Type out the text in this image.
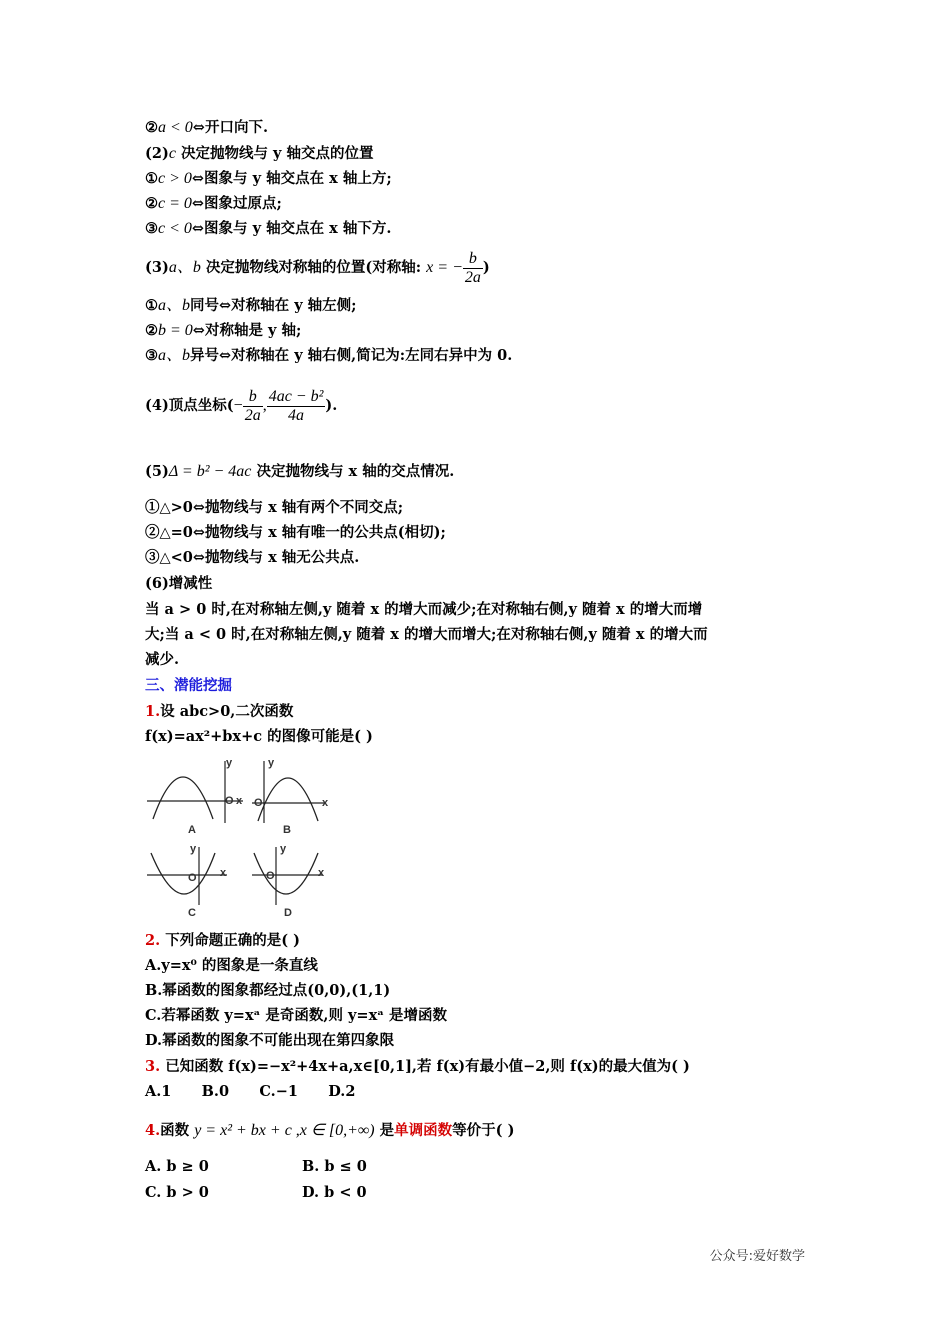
②a < 0⇔开口向下.
(2)c 决定抛物线与 y 轴交点的位置
①c > 0⇔图象与 y 轴交点在 x 轴上方;
②c = 0⇔图象过原点;
③c < 0⇔图象与 y 轴交点在 x 轴下方.
(3)a、b 决定抛物线对称轴的位置(对称轴: x = − $\frac{b}{2a}$ )
①a、b同号⇔对称轴在 y 轴左侧;
②b = 0⇔对称轴是 y 轴;
③a、b异号⇔对称轴在 y 轴右侧,简记为:左同右异中为 0.
(4)顶点坐标(− $\frac{b}{2a}$ , $\frac{\text{4ac − b²}}{4a}$ ).
(5)Δ = b² − 4ac 决定抛物线与 x 轴的交点情况.
①△>0⇔抛物线与 x 轴有两个不同交点;
②△=0⇔抛物线与 x 轴有唯一的公共点(相切);
③△<0⇔抛物线与 x 轴无公共点.
(6)增减性
当 a > 0 时,在对称轴左侧,y 随着 x 的增大而减少;在对称轴右侧,y 随着 x 的增大而增
大;当 a < 0 时,在对称轴左侧,y 随着 x 的增大而增大;在对称轴右侧,y 随着 x 的增大而
减少.
三、潜能挖掘
1.设 abc>0,二次函数
f(x)=ax²+bx+c 的图像可能是( )
y
O x
A
y
O	x
B
y
O x
C
y
O	x
D
2. 下列命题正确的是( )
A.y=x⁰ 的图象是一条直线
B.幂函数的图象都经过点(0,0),(1,1)
C.若幂函数 y=xᵃ 是奇函数,则 y=xᵃ 是增函数
D.幂函数的图象不可能出现在第四象限
3. 已知函数 f(x)=−x²+4x+a,x∈[0,1],若 f(x)有最小值−2,则 f(x)的最大值为( )
A.1      B.0      C.−1      D.2
4.函数 y = x² + bx + c ,x ∈ [0,+∞) 是单调函数等价于( )
A. b ≥ 0	B. b ≤ 0
C. b > 0	D. b < 0
公众号:爱好数学
